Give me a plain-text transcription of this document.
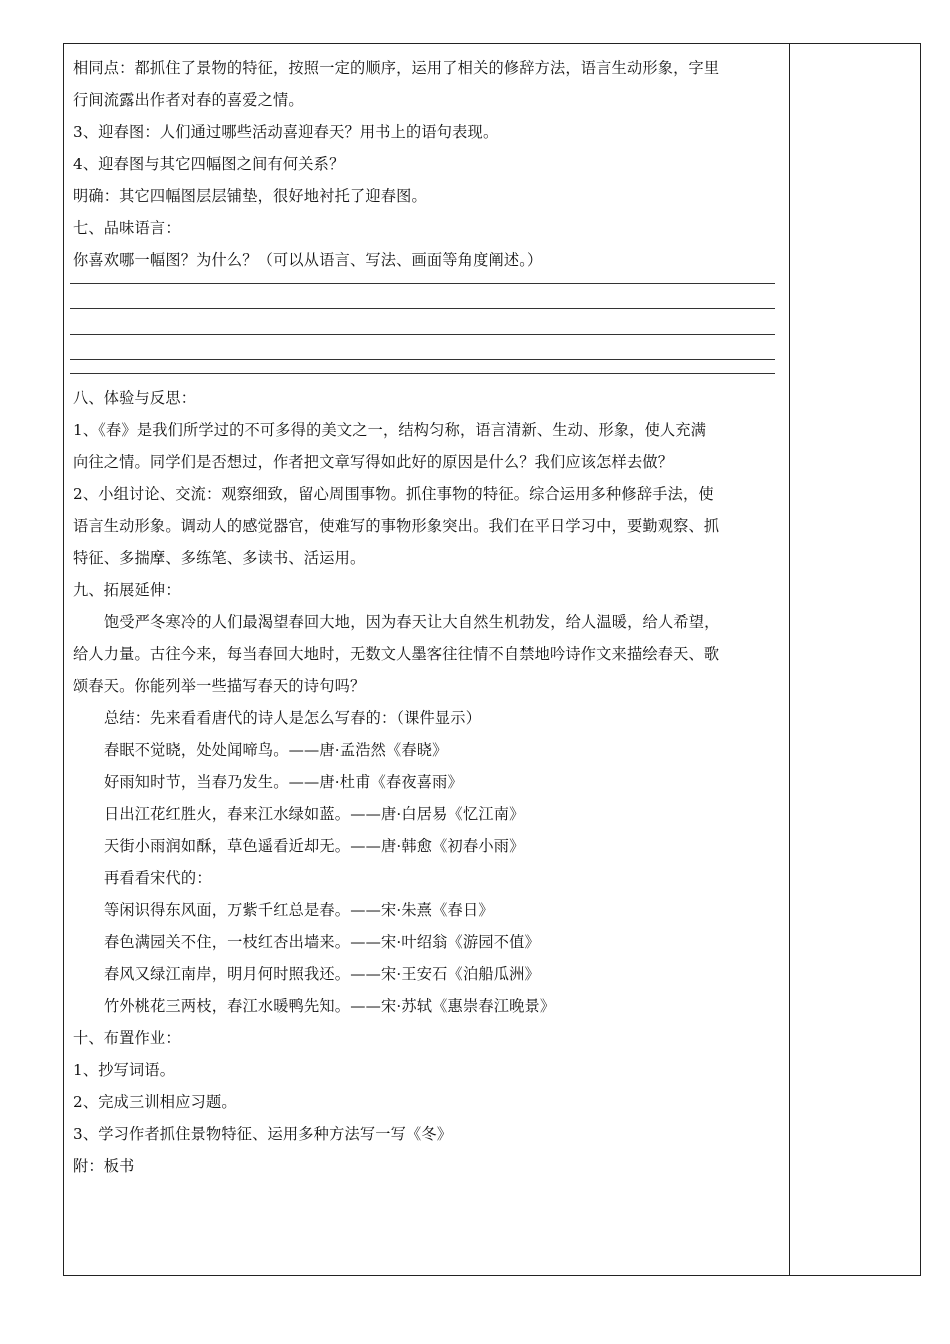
相同点：都抓住了景物的特征，按照一定的顺序，运用了相关的修辞方法，语言生动形象，字里
行间流露出作者对春的喜爱之情。
3、迎春图：人们通过哪些活动喜迎春天？用书上的语句表现。
4、迎春图与其它四幅图之间有何关系？
明确：其它四幅图层层铺垫，很好地衬托了迎春图。
七、品味语言：
你喜欢哪一幅图？为什么？（可以从语言、写法、画面等角度阐述。）
八、体验与反思：
1、《春》是我们所学过的不可多得的美文之一，结构匀称，语言清新、生动、形象，使人充满
向往之情。同学们是否想过，作者把文章写得如此好的原因是什么？我们应该怎样去做？
2、小组讨论、交流：观察细致，留心周围事物。抓住事物的特征。综合运用多种修辞手法，使
语言生动形象。调动人的感觉器官，使难写的事物形象突出。我们在平日学习中，要勤观察、抓
特征、多揣摩、多练笔、多读书、活运用。
九、拓展延伸：
饱受严冬寒冷的人们最渴望春回大地，因为春天让大自然生机勃发，给人温暖，给人希望，
给人力量。古往今来，每当春回大地时，无数文人墨客往往情不自禁地吟诗作文来描绘春天、歌
颂春天。你能列举一些描写春天的诗句吗？
总结：先来看看唐代的诗人是怎么写春的：（课件显示）
春眠不觉晓，处处闻啼鸟。——唐·孟浩然《春晓》
好雨知时节，当春乃发生。——唐·杜甫《春夜喜雨》
日出江花红胜火，春来江水绿如蓝。——唐·白居易《忆江南》
天街小雨润如酥，草色遥看近却无。——唐·韩愈《初春小雨》
再看看宋代的：
等闲识得东风面，万紫千红总是春。——宋·朱熹《春日》
春色满园关不住，一枝红杏出墙来。——宋·叶绍翁《游园不值》
春风又绿江南岸，明月何时照我还。——宋·王安石《泊船瓜洲》
竹外桃花三两枝，春江水暖鸭先知。——宋·苏轼《惠崇春江晚景》
十、布置作业：
1、抄写词语。
2、完成三训相应习题。
3、学习作者抓住景物特征、运用多种方法写一写《冬》
附：板书
